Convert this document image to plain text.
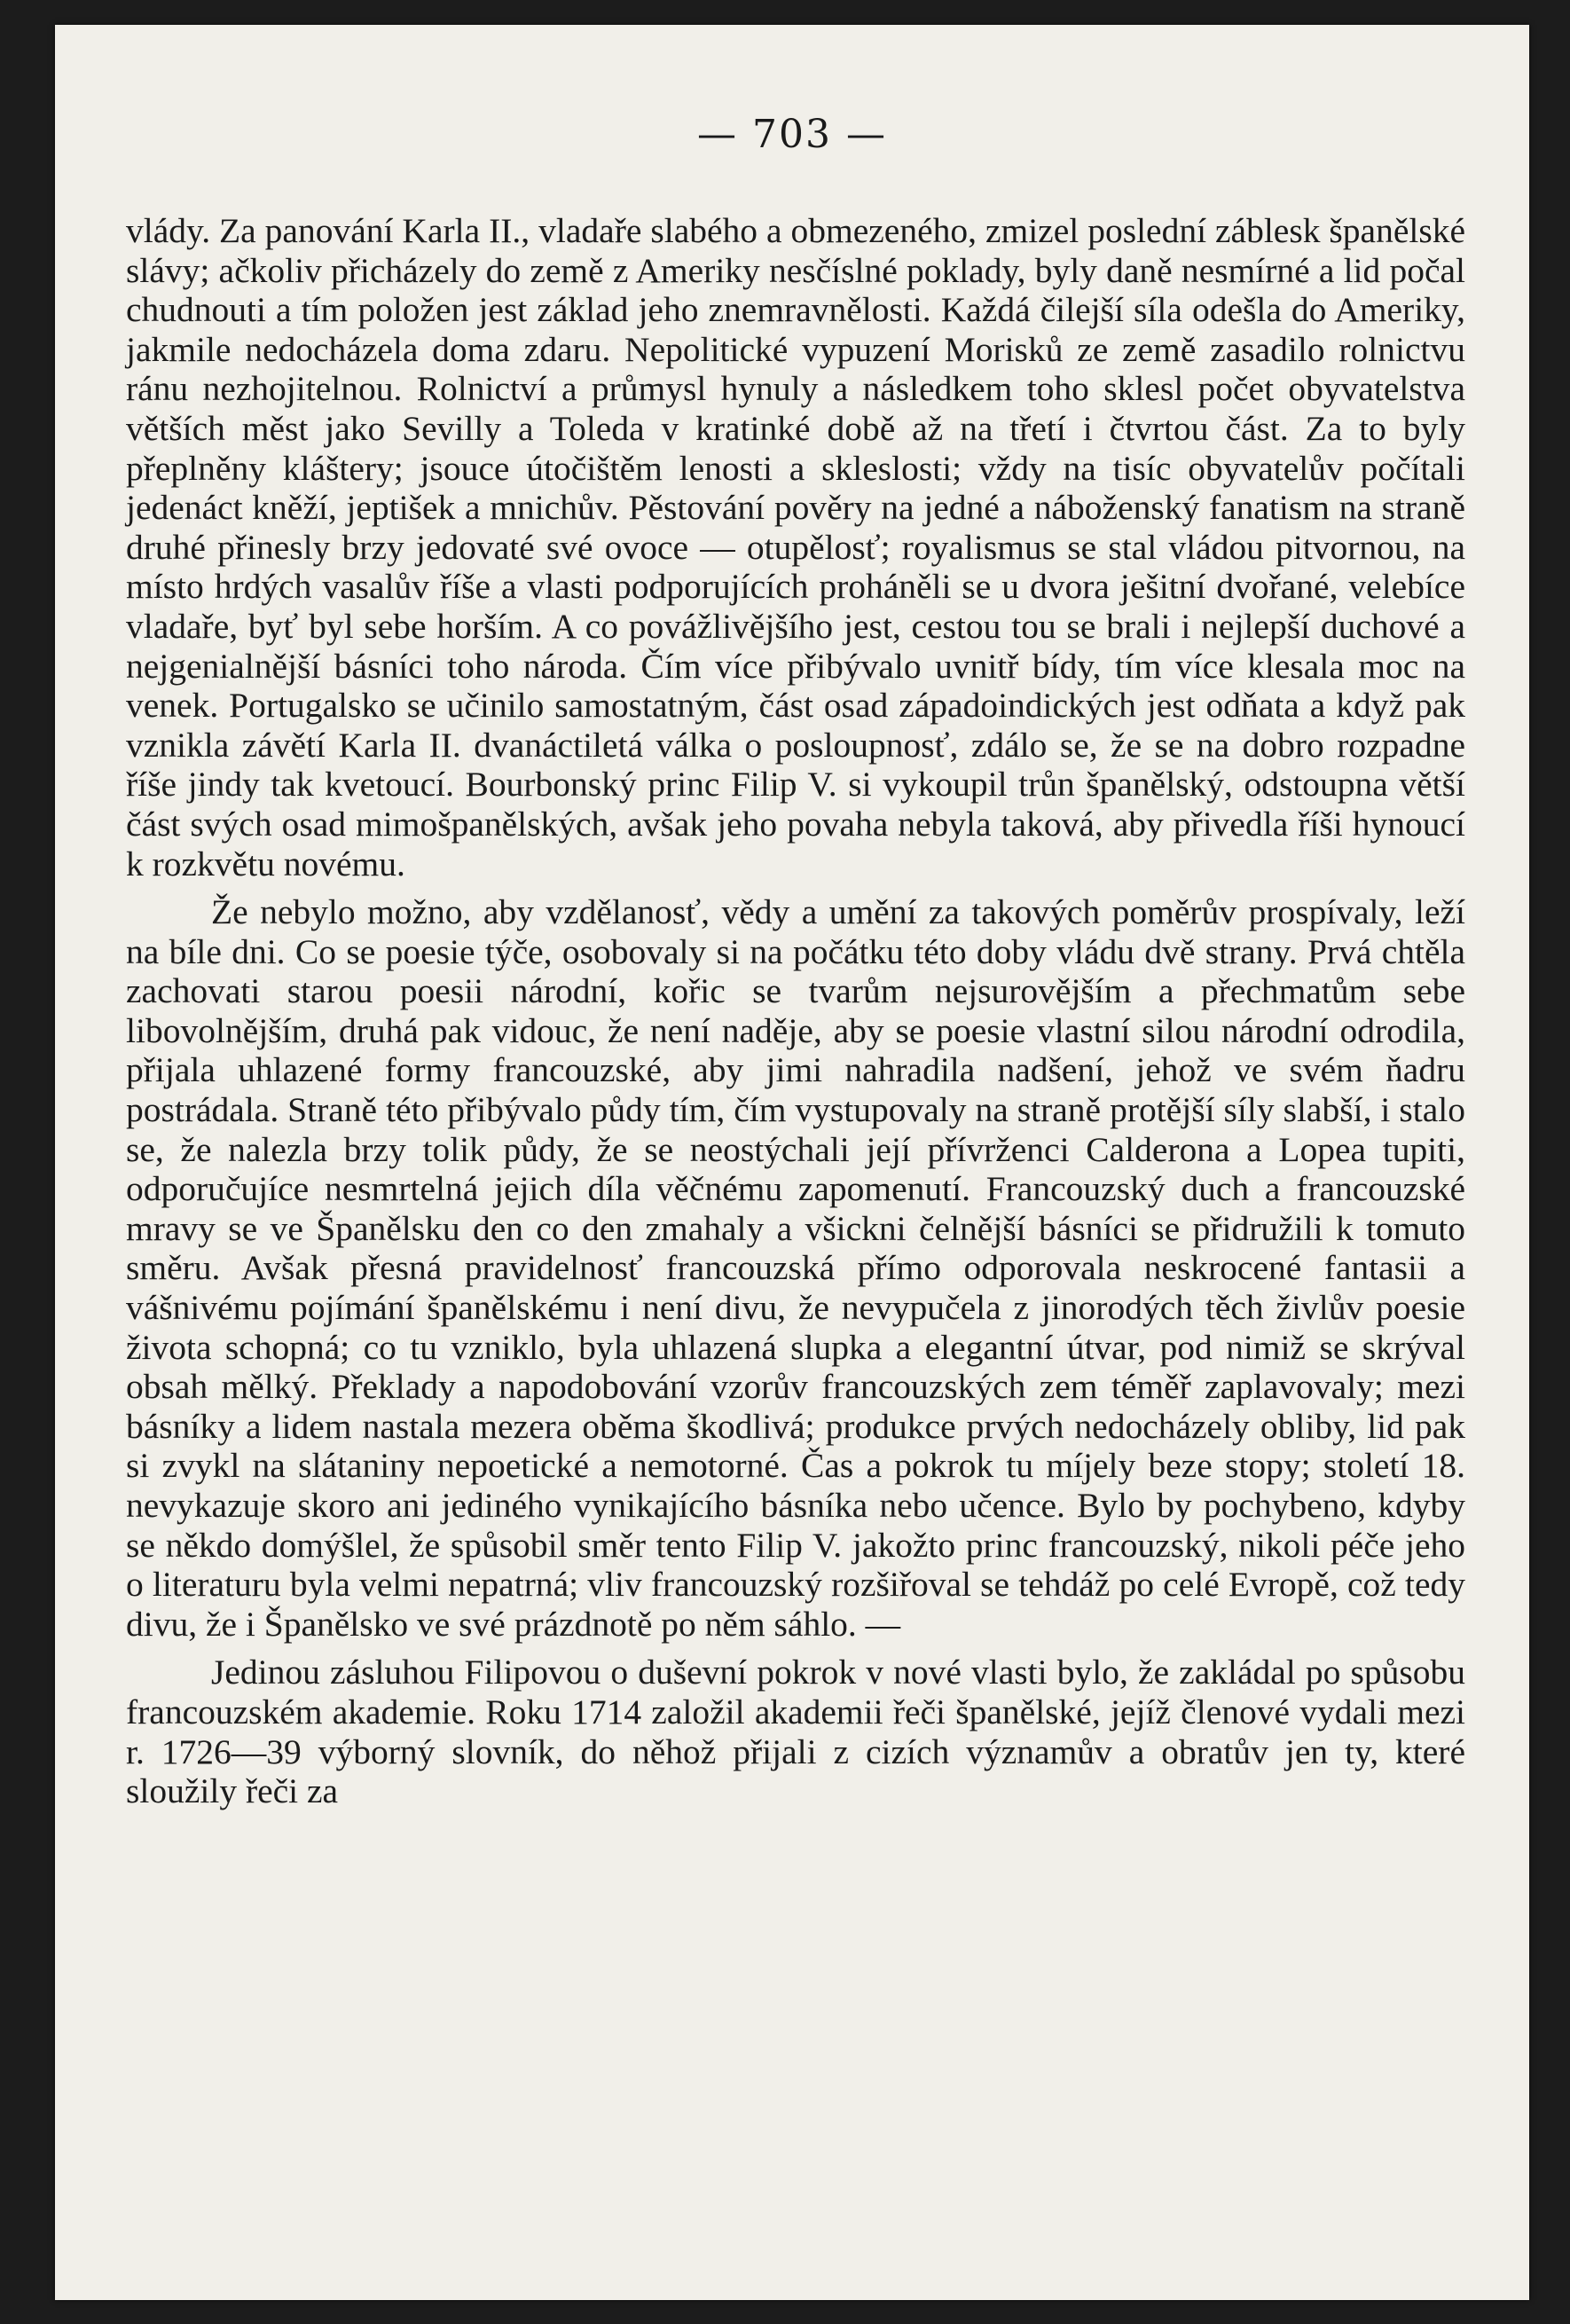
— 703 —

vlády. Za panování Karla II., vladaře slabého a obmezeného, zmizel poslední záblesk španělské slávy; ačkoliv přicházely do země z Ameriky nesčíslné poklady, byly daně nesmírné a lid počal chudnouti a tím položen jest základ jeho znemravnělosti. Každá čilejší síla odešla do Ameriky, jakmile nedocházela doma zdaru. Nepolitické vypuzení Morisků ze země zasadilo rolnictvu ránu nezhojitelnou. Rolnictví a průmysl hynuly a následkem toho sklesl počet obyvatelstva větších měst jako Sevilly a Toleda v kratinké době až na třetí i čtvrtou část. Za to byly přeplněny kláštery; jsouce útočištěm lenosti a skleslosti; vždy na tisíc obyvatelův počítali jedenáct kněží, jeptišek a mnichův. Pěstování pověry na jedné a náboženský fanatism na straně druhé přinesly brzy jedovaté své ovoce — otupělosť; royalismus se stal vládou pitvornou, na místo hrdých vasalův říše a vlasti podporujících proháněli se u dvora ješitní dvořané, velebíce vladaře, byť byl sebe horším. A co povážlivějšího jest, cestou tou se brali i nejlepší duchové a nejgenialnější básníci toho národa. Čím více přibývalo uvnitř bídy, tím více klesala moc na venek. Portugalsko se učinilo samostatným, část osad západoindických jest odňata a když pak vznikla závětí Karla II. dvanáctiletá válka o posloupnosť, zdálo se, že se na dobro rozpadne říše jindy tak kvetoucí. Bourbonský princ Filip V. si vykoupil trůn španělský, odstoupna větší část svých osad mimošpanělských, avšak jeho povaha nebyla taková, aby přivedla říši hynoucí k rozkvětu novému.

Že nebylo možno, aby vzdělanosť, vědy a umění za takových poměrův prospívaly, leží na bíle dni. Co se poesie týče, osobovaly si na počátku této doby vládu dvě strany. Prvá chtěla zachovati starou poesii národní, kořic se tvarům nejsurovějším a přechmatům sebe libovolnějším, druhá pak vidouc, že není naděje, aby se poesie vlastní silou národní odrodila, přijala uhlazené formy francouzské, aby jimi nahradila nadšení, jehož ve svém ňadru postrádala. Straně této přibývalo půdy tím, čím vystupovaly na straně protější síly slabší, i stalo se, že nalezla brzy tolik půdy, že se neostýchali její přívrženci Calderona a Lopea tupiti, odporučujíce nesmrtelná jejich díla věčnému zapomenutí. Francouzský duch a francouzské mravy se ve Španělsku den co den zmahaly a všickni čelnější básníci se přidružili k tomuto směru. Avšak přesná pravidelnosť francouzská přímo odporovala neskrocené fantasii a vášnivému pojímání španělskému i není divu, že nevypučela z jinorodých těch živlův poesie života schopná; co tu vzniklo, byla uhlazená slupka a elegantní útvar, pod nimiž se skrýval obsah mělký. Překlady a napodobování vzorův francouzských zem téměř zaplavovaly; mezi básníky a lidem nastala mezera oběma škodlivá; produkce prvých nedocházely obliby, lid pak si zvykl na slátaniny nepoetické a nemotorné. Čas a pokrok tu míjely beze stopy; století 18. nevykazuje skoro ani jediného vynikajícího básníka nebo učence. Bylo by pochybeno, kdyby se někdo domýšlel, že spůsobil směr tento Filip V. jakožto princ francouzský, nikoli péče jeho o literaturu byla velmi nepatrná; vliv francouzský rozšiřoval se tehdáž po celé Evropě, což tedy divu, že i Španělsko ve své prázdnotě po něm sáhlo. —

Jedinou zásluhou Filipovou o duševní pokrok v nové vlasti bylo, že zakládal po spůsobu francouzském akademie. Roku 1714 založil akademii řeči španělské, jejíž členové vydali mezi r. 1726—39 výborný slovník, do něhož přijali z cizích významův a obratův jen ty, které sloužily řeči za
